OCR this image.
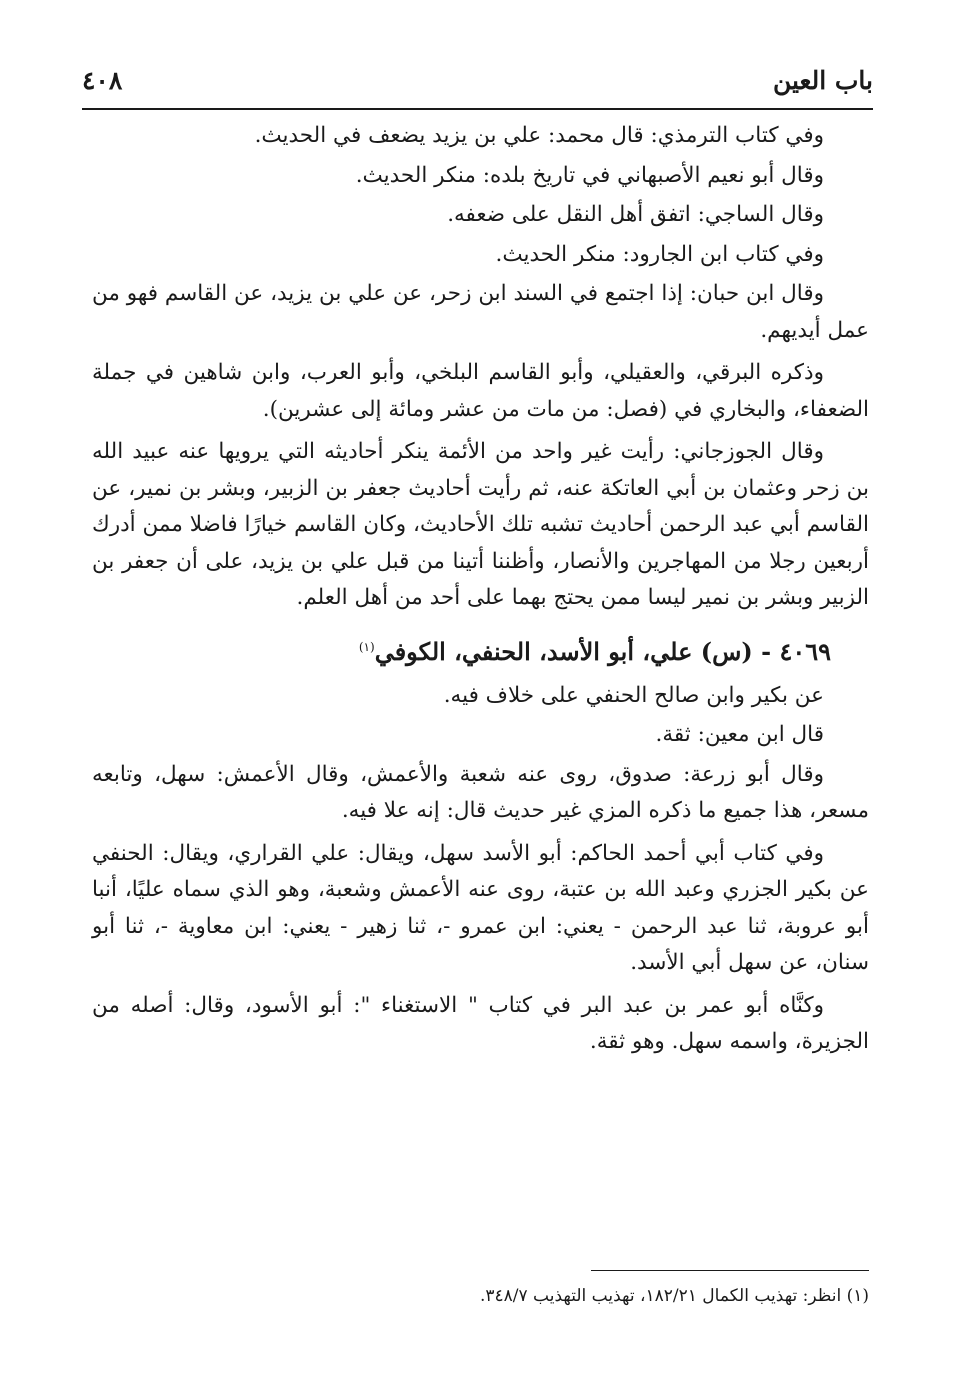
باب العين
٤٠٨

وفي كتاب الترمذي: قال محمد: علي بن يزيد يضعف في الحديث.

وقال أبو نعيم الأصبهاني في تاريخ بلده: منكر الحديث.

وقال الساجي: اتفق أهل النقل على ضعفه.

وفي كتاب ابن الجارود: منكر الحديث.

وقال ابن حبان: إذا اجتمع في السند ابن زحر، عن علي بن يزيد، عن القاسم فهو من عمل أيديهم.

وذكره البرقي، والعقيلي، وأبو القاسم البلخي، وأبو العرب، وابن شاهين في جملة الضعفاء، والبخاري في (فصل: من مات من عشر ومائة إلى عشرين).

وقال الجوزجاني: رأيت غير واحد من الأئمة ينكر أحاديثه التي يرويها عنه عبيد الله بن زحر وعثمان بن أبي العاتكة عنه، ثم رأيت أحاديث جعفر بن الزبير، وبشر بن نمير، عن القاسم أبي عبد الرحمن أحاديث تشبه تلك الأحاديث، وكان القاسم خيارًا فاضلا ممن أدرك أربعين رجلا من المهاجرين والأنصار، وأظننا أتينا من قبل علي بن يزيد، على أن جعفر بن الزبير وبشر بن نمير ليسا ممن يحتج بهما على أحد من أهل العلم.

٤٠٦٩ - (س) علي، أبو الأسد، الحنفي، الكوفي$^{(١)}$

عن بكير وابن صالح الحنفي على خلاف فيه.

قال ابن معين: ثقة.

وقال أبو زرعة: صدوق، روى عنه شعبة والأعمش، وقال الأعمش: سهل، وتابعه مسعر، هذا جميع ما ذكره المزي غير حديث قال: إنه علا فيه.

وفي كتاب أبي أحمد الحاكم: أبو الأسد سهل، ويقال: علي القراري، ويقال: الحنفي عن بكير الجزري وعبد الله بن عتبة، روى عنه الأعمش وشعبة، وهو الذي سماه عليًا، أنبا أبو عروبة، ثنا عبد الرحمن - يعني: ابن عمرو -، ثنا زهير - يعني: ابن معاوية -، ثنا أبو سنان، عن سهل أبي الأسد.

وكنَّاه أبو عمر بن عبد البر في كتاب " الاستغناء ": أبو الأسود، وقال: أصله من الجزيرة، واسمه سهل. وهو ثقة.

(١) انظر: تهذيب الكمال ١٨٢/٢١، تهذيب التهذيب ٣٤٨/٧.
